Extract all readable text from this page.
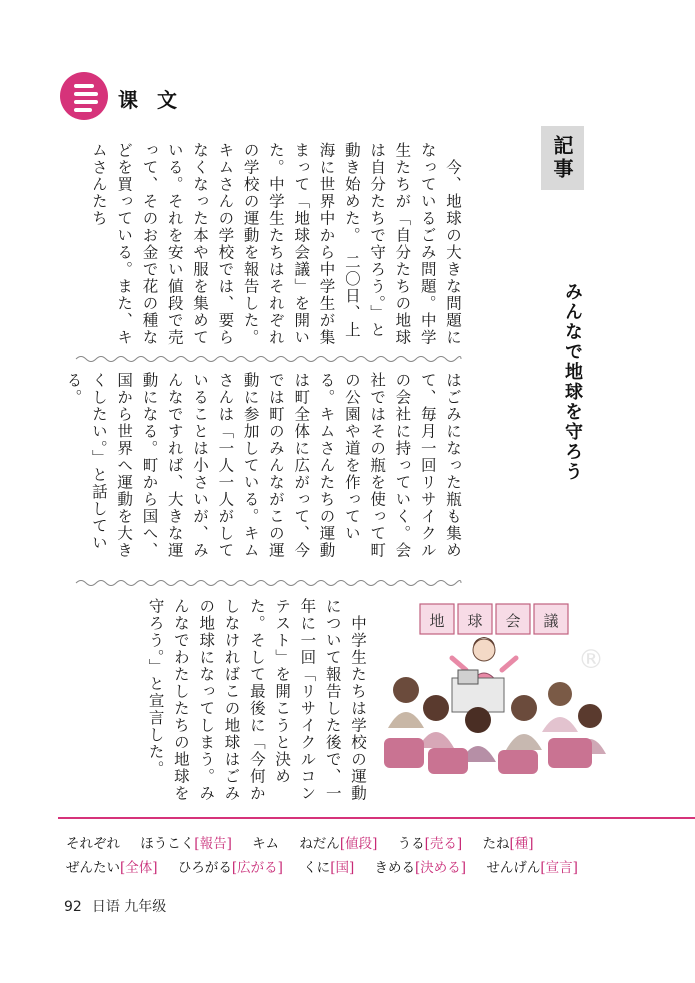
课 文
記事
みんなで地球を守ろう
　今、地球の大きな問題になっているごみ問題。中学生たちが「自分たちの地球は自分たちで守ろう。」と動き始めた。　二〇日、上海に世界中から中学生が集まって「地球会議」を開いた。中学生たちはそれぞれの学校の運動を報告した。キムさんの学校では、要らなくなった本や服を集めている。それを安い値段で売って、そのお金で花の種などを買っている。また、キムさんたち
はごみになった瓶も集めて、毎月一回リサイクルの会社に持っていく。会社ではその瓶を使って町の公園や道を作っている。キムさんたちの運動は町全体に広がって、今では町のみんながこの運動に参加している。キムさんは「一人一人がしていることは小さいが、みんなですれば、大きな運動になる。町から国へ、国から世界へ運動を大きくしたい。」と話している。
　中学生たちは学校の運動について報告した後で、一年に一回「リサイクルコンテスト」を開こうと決めた。そして最後に「今何かしなければこの地球はごみの地球になってしまう。みんなでわたしたちの地球を守ろう。」と宣言した。	地 球 会 議
®
それぞれ ほうこく[報告] キム ねだん[値段] うる[売る] たね[種]
ぜんたい[全体] ひろがる[広がる] くに[国] きめる[決める] せんげん[宣言]
92 日语 九年级
